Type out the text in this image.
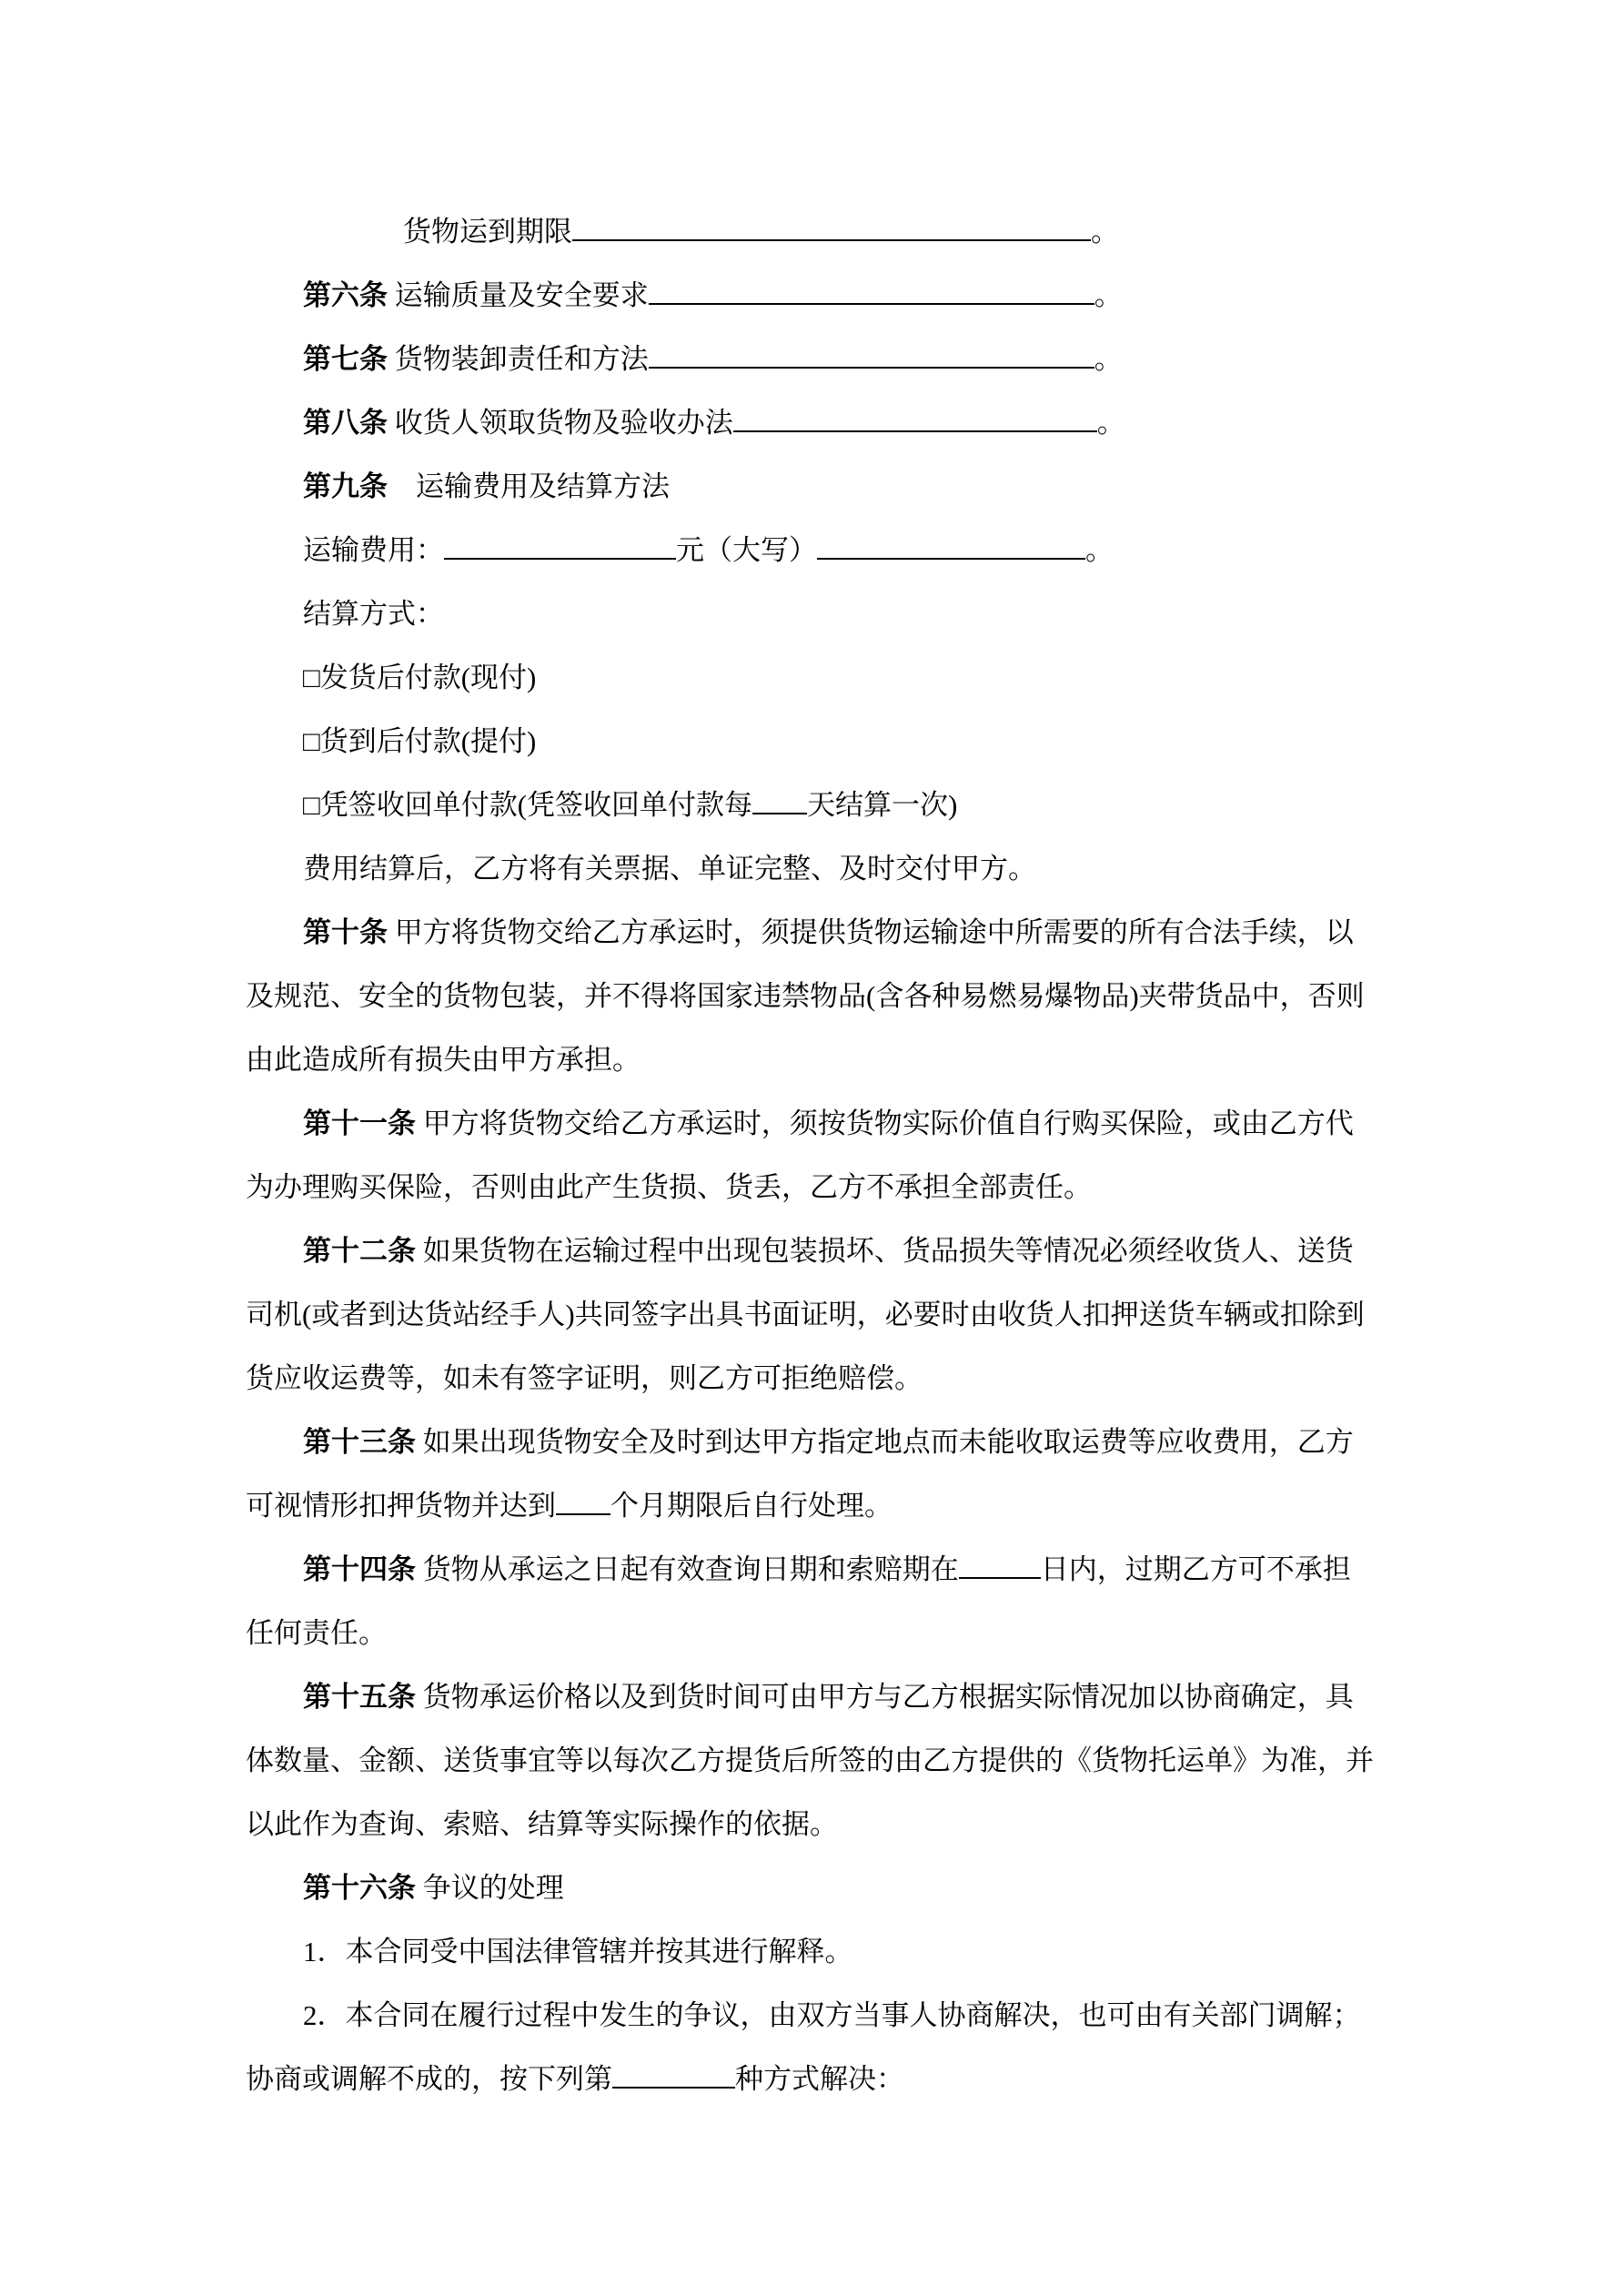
货物运到期限	。
第六条 运输质量及安全要求	。
第七条 货物装卸责任和方法	。
第八条 收货人领取货物及验收办法	。
第九条　运输费用及结算方法
运输费用：	元（大写）	。
结算方式：
□发货后付款(现付)
□货到后付款(提付)
□凭签收回单付款(凭签收回单付款每 天结算一次)
费用结算后，乙方将有关票据、单证完整、及时交付甲方。
第十条 甲方将货物交给乙方承运时，须提供货物运输途中所需要的所有合法手续，以
及规范、安全的货物包装，并不得将国家违禁物品(含各种易燃易爆物品)夹带货品中，否则
由此造成所有损失由甲方承担。
第十一条 甲方将货物交给乙方承运时，须按货物实际价值自行购买保险，或由乙方代
为办理购买保险，否则由此产生货损、货丢，乙方不承担全部责任。
第十二条 如果货物在运输过程中出现包装损坏、货品损失等情况必须经收货人、送货
司机(或者到达货站经手人)共同签字出具书面证明，必要时由收货人扣押送货车辆或扣除到
货应收运费等，如未有签字证明，则乙方可拒绝赔偿。
第十三条 如果出现货物安全及时到达甲方指定地点而未能收取运费等应收费用，乙方
可视情形扣押货物并达到 个月期限后自行处理。
第十四条 货物从承运之日起有效查询日期和索赔期在	日内，过期乙方可不承担
任何责任。
第十五条 货物承运价格以及到货时间可由甲方与乙方根据实际情况加以协商确定，具
体数量、金额、送货事宜等以每次乙方提货后所签的由乙方提供的《货物托运单》为准，并
以此作为查询、索赔、结算等实际操作的依据。
第十六条 争议的处理
1．本合同受中国法律管辖并按其进行解释。
2．本合同在履行过程中发生的争议，由双方当事人协商解决，也可由有关部门调解；
协商或调解不成的，按下列第	种方式解决：
